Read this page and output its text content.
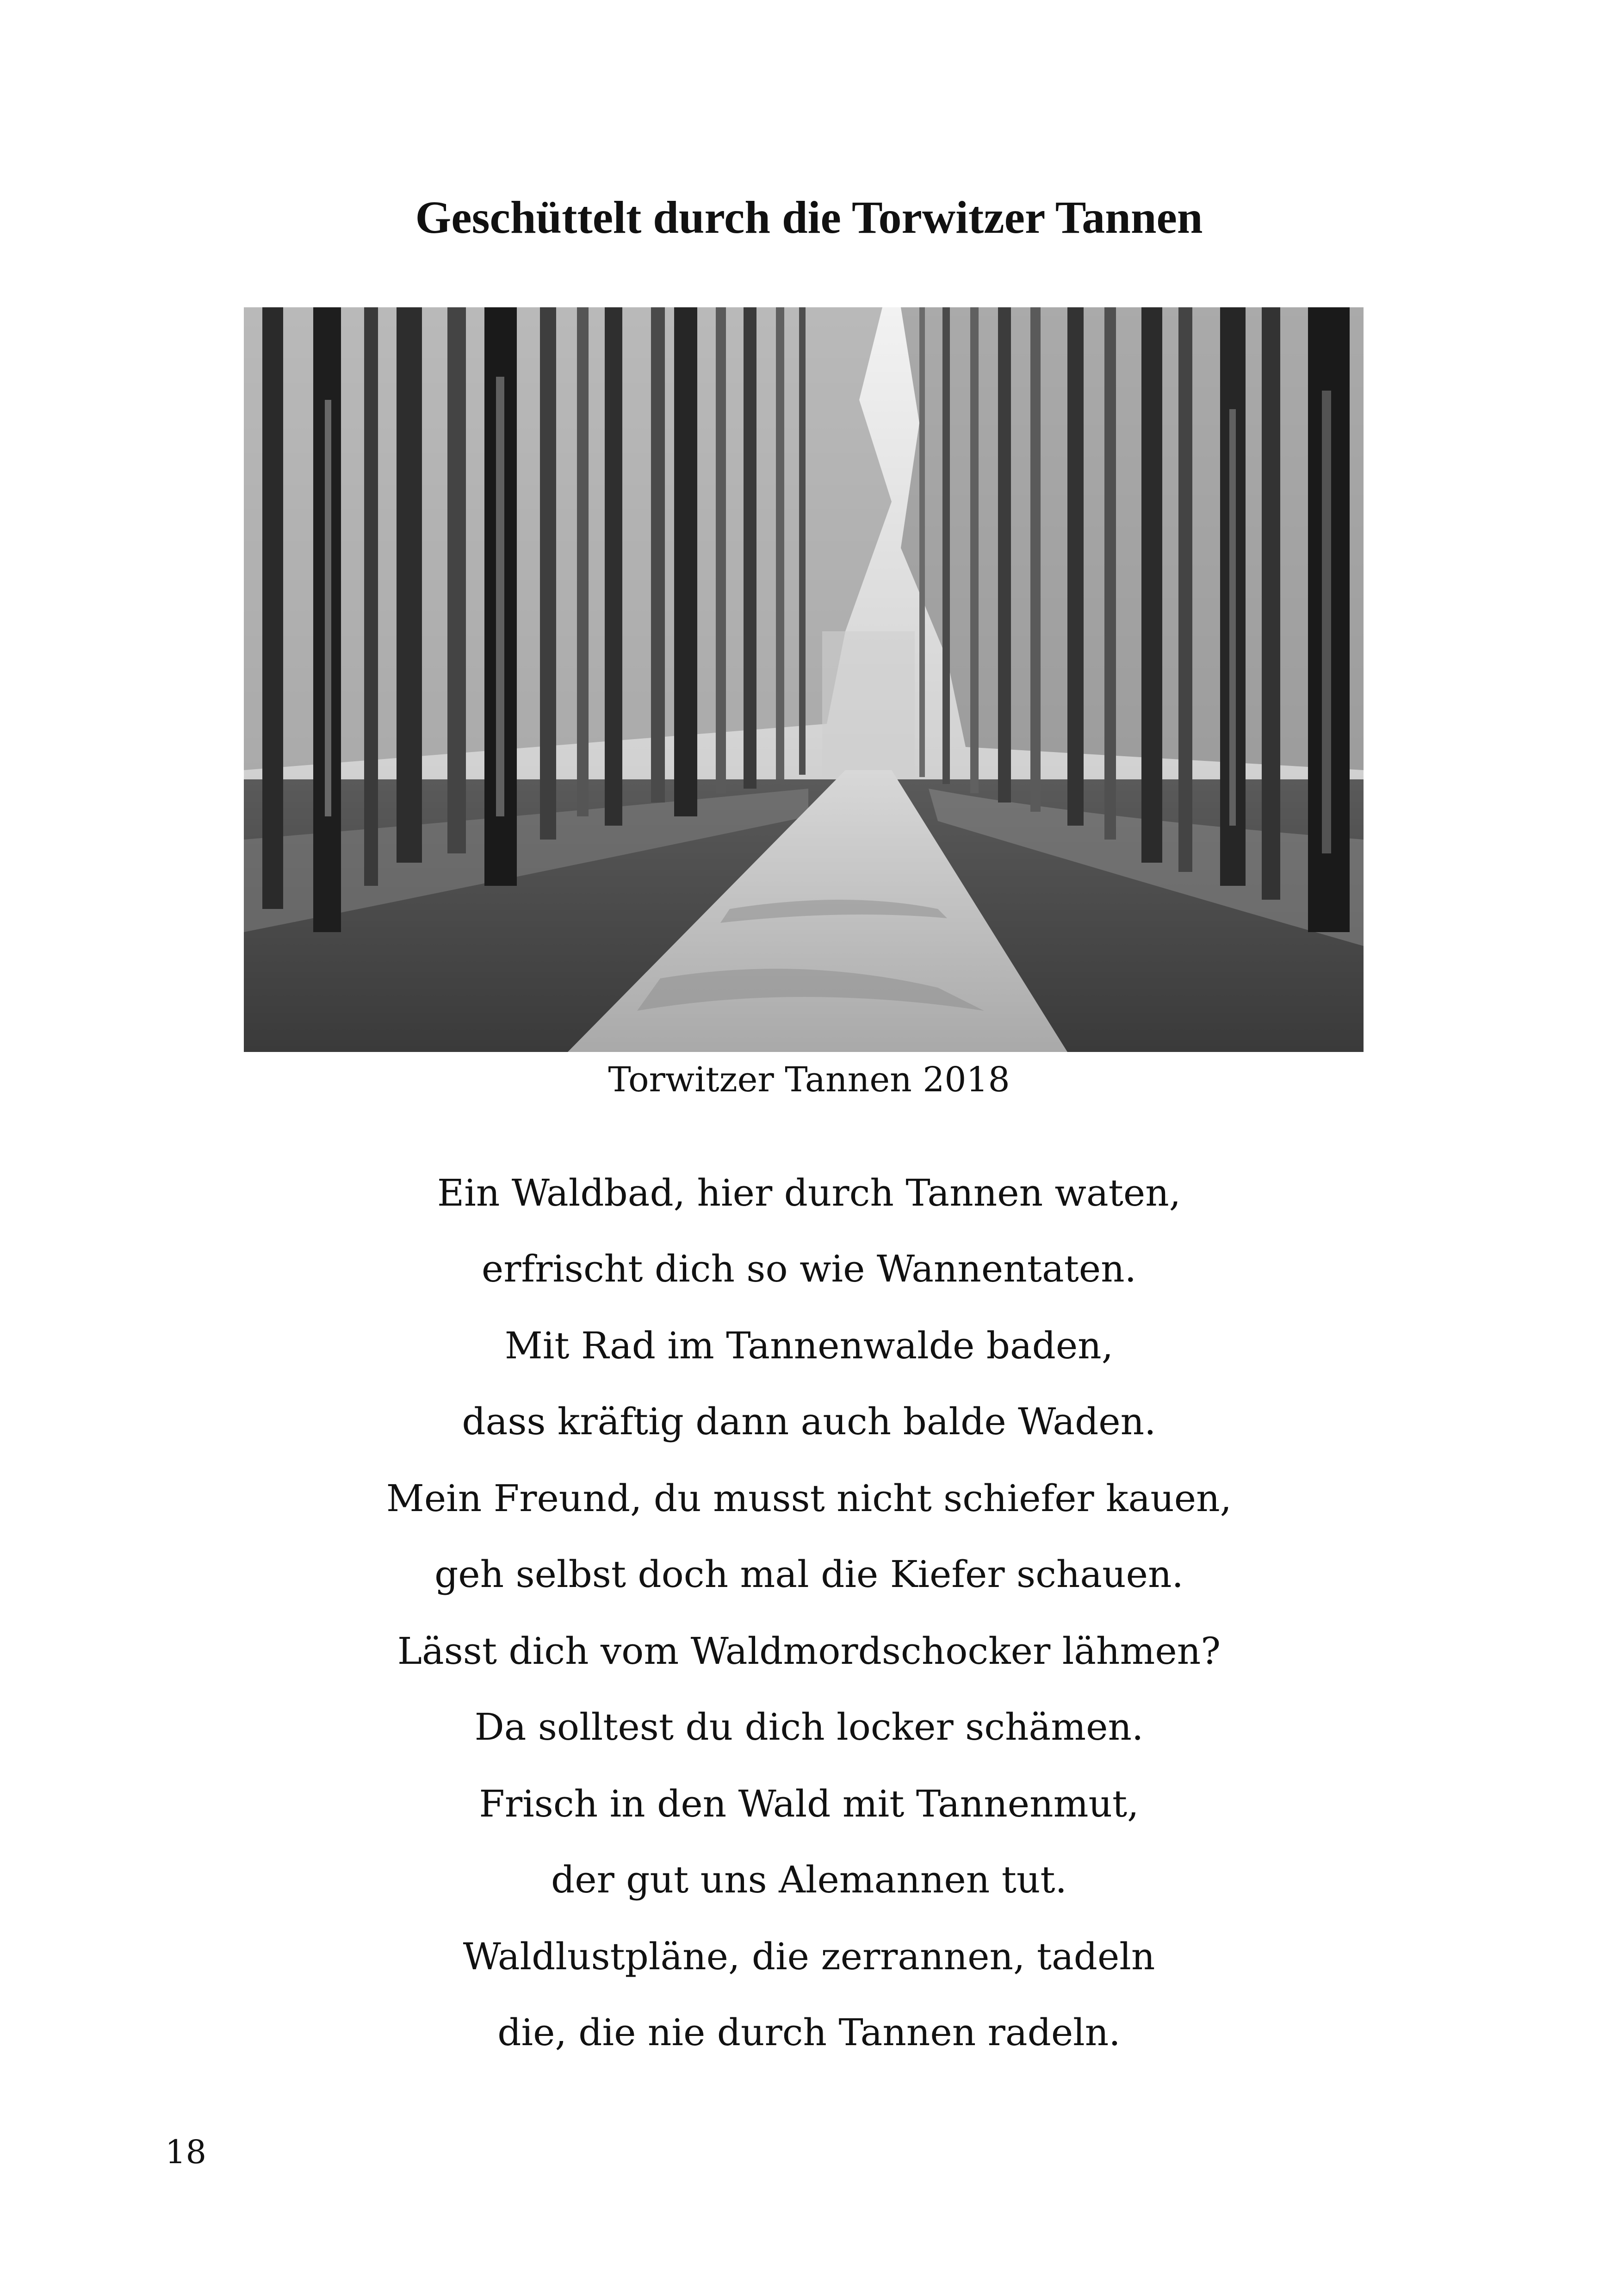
Geschüttelt durch die Torwitzer Tannen
Torwitzer Tannen 2018
Ein Waldbad, hier durch Tannen waten,
erfrischt dich so wie Wannentaten.
Mit Rad im Tannenwalde baden,
dass kräftig dann auch balde Waden.
Mein Freund, du musst nicht schiefer kauen,
geh selbst doch mal die Kiefer schauen.
Lässt dich vom Waldmordschocker lähmen?
Da solltest du dich locker schämen.
Frisch in den Wald mit Tannenmut,
der gut uns Alemannen tut.
Waldlustpläne, die zerrannen, tadeln
die, die nie durch Tannen radeln.
18
